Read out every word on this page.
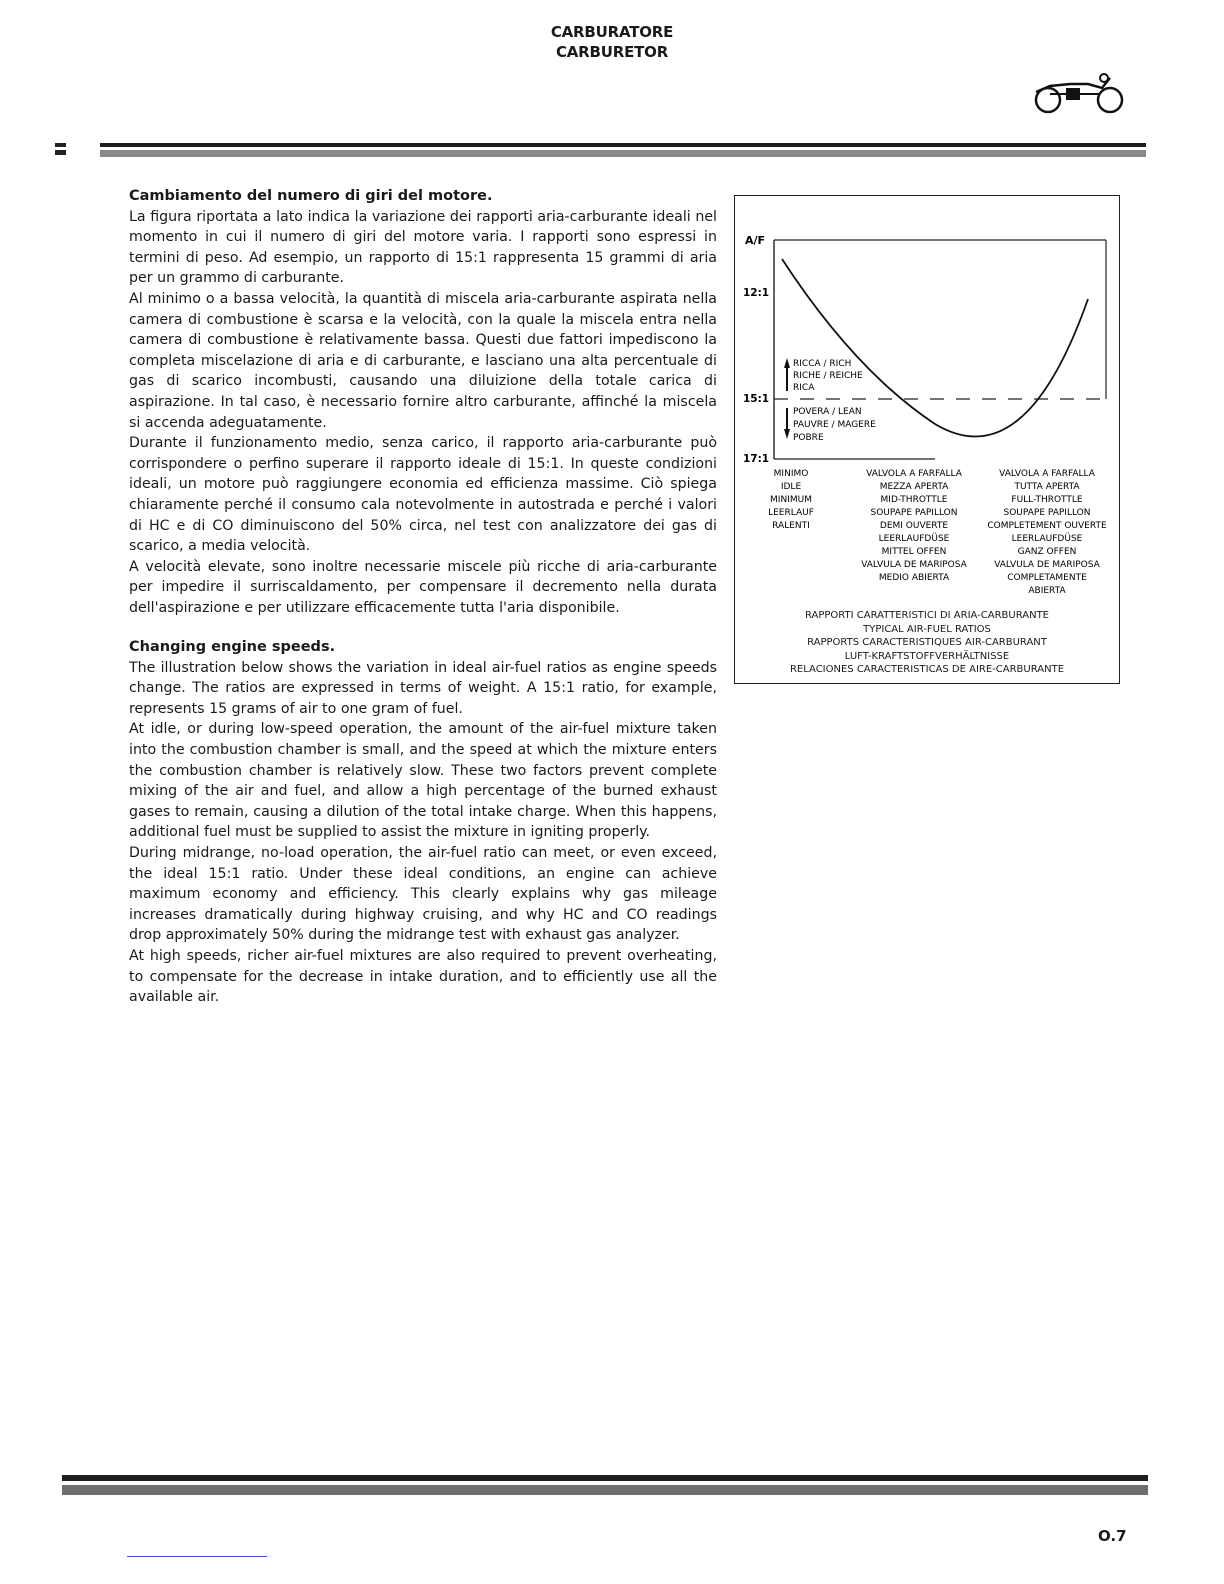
CARBURATORE
CARBURETOR
Cambiamento del numero di giri del motore.

La figura riportata a lato indica la variazione dei rapporti aria-carburante ideali nel momento in cui il numero di giri del motore varia. I rapporti sono espressi in termini di peso. Ad esempio, un rapporto di 15:1 rappresenta 15 grammi di aria per un grammo di carburante.

Al minimo o a bassa velocità, la quantità di miscela aria-carburante aspirata nella camera di combustione è scarsa e la velocità, con la quale la miscela entra nella camera di combustione è relativamente bassa. Questi due fattori impediscono la completa miscelazione di aria e di carburante, e lasciano una alta percentuale di gas di scarico incombusti, causando una diluizione della totale carica di aspirazione. In tal caso, è necessario fornire altro carburante, affinché la miscela si accenda adeguatamente.

Durante il funzionamento medio, senza carico, il rapporto aria-carburante può corrispondere o perfino superare il rapporto ideale di 15:1. In queste condizioni ideali, un motore può raggiungere economia ed efficienza massime. Ciò spiega chiaramente perché il consumo cala notevolmente in autostrada e perché i valori di HC e di CO diminuiscono del 50% circa, nel test con analizzatore dei gas di scarico, a media velocità.

A velocità elevate, sono inoltre necessarie miscele più ricche di aria-carburante per impedire il surriscaldamento, per compensare il decremento nella durata dell'aspirazione e per utilizzare efficacemente tutta l'aria disponibile.

Changing engine speeds.

The illustration below shows the variation in ideal air-fuel ratios as engine speeds change. The ratios are expressed in terms of weight. A 15:1 ratio, for example, represents 15 grams of air to one gram of fuel.

At idle, or during low-speed operation, the amount of the air-fuel mixture taken into the combustion chamber is small, and the speed at which the mixture enters the combustion chamber is relatively slow. These two factors prevent complete mixing of the air and fuel, and allow a high percentage of the burned exhaust gases to remain, causing a dilution of the total intake charge. When this happens, additional fuel must be supplied to assist the mixture in igniting properly.

During midrange, no-load operation, the air-fuel ratio can meet, or even exceed, the ideal 15:1 ratio. Under these ideal conditions, an engine can achieve maximum economy and efficiency. This clearly explains why gas mileage increases dramatically during highway cruising, and why HC and CO readings drop approximately 50% during the midrange test with exhaust gas analyzer.

At high speeds, richer air-fuel mixtures are also required to prevent overheating, to compensate for the decrease in intake duration, and to efficiently use all the available air.

A/F
12:1
15:1
17:1
RICCA / RICH
RICHE / REICHE
RICA
POVERA / LEAN
PAUVRE / MAGERE
POBRE
MINIMO
IDLE
MINIMUM
LEERLAUF
RALENTI
VALVOLA A FARFALLA
MEZZA APERTA
MID-THROTTLE
SOUPAPE PAPILLON
DEMI OUVERTE
LEERLAUFDÜSE
MITTEL OFFEN
VALVULA DE MARIPOSA
MEDIO ABIERTA
VALVOLA A FARFALLA
TUTTA APERTA
FULL-THROTTLE
SOUPAPE PAPILLON
COMPLETEMENT OUVERTE
LEERLAUFDÜSE
GANZ OFFEN
VALVULA DE MARIPOSA
COMPLETAMENTE
ABIERTA
RAPPORTI CARATTERISTICI DI ARIA-CARBURANTE
TYPICAL AIR-FUEL RATIOS
RAPPORTS CARACTERISTIQUES AIR-CARBURANT
LUFT-KRAFTSTOFFVERHÄLTNISSE
RELACIONES CARACTERISTICAS DE AIRE-CARBURANTE
O.7
